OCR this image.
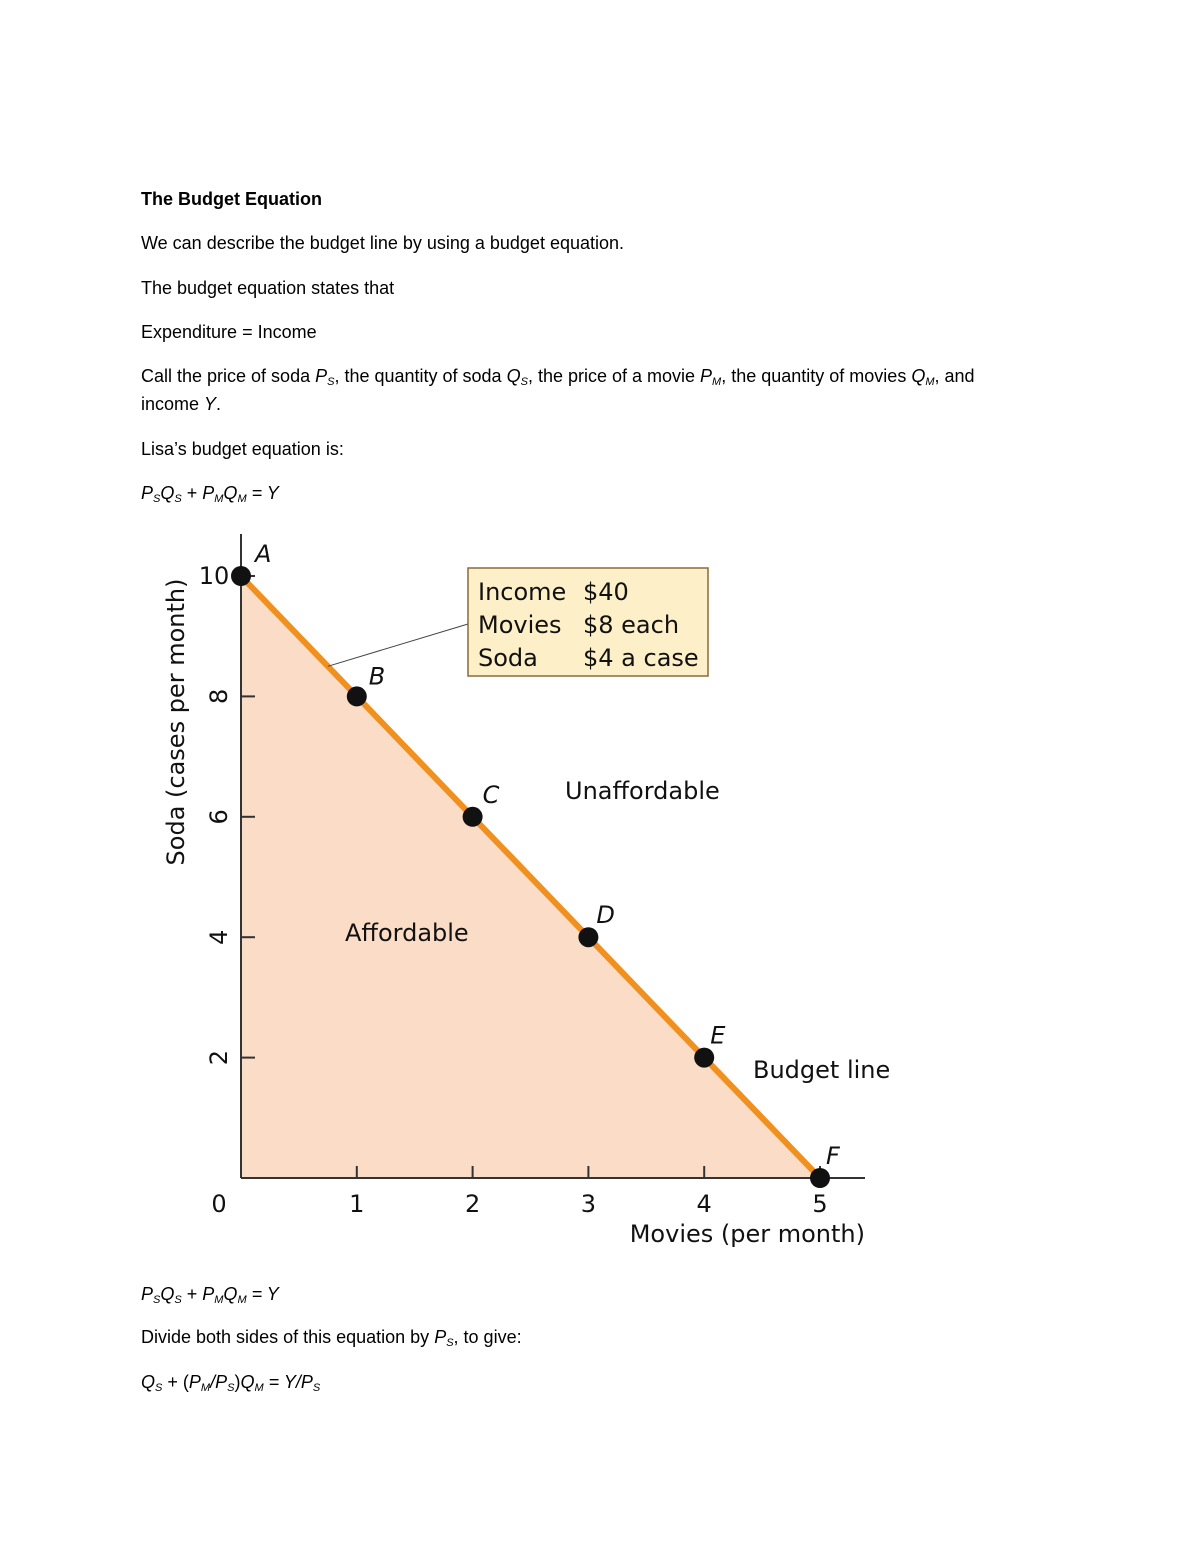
The Budget Equation
We can describe the budget line by using a budget equation.
The budget equation states that
Expenditure = Income
Call the price of soda $P_S$, the quantity of soda $Q_S$, the price of a movie $P_M$, the quantity of movies $Q_M$, and
income Y.
Lisa’s budget equation is:
$P_SQ_S + P_MQ_M = Y$
$P_SQ_S + P_MQ_M = Y$
Divide both sides of this equation by $P_S$, to give:
$Q_S + (P_M/P_S)Q_M = Y/P_S$
0	1	2	3	4	5
2
4
6
8
10
Income $40
Movies $8 each
Soda $4 a case
A
B
C
D
E
F
Affordable
Unaffordable
Budget line
Movies (per month)
Soda (cases per month)
